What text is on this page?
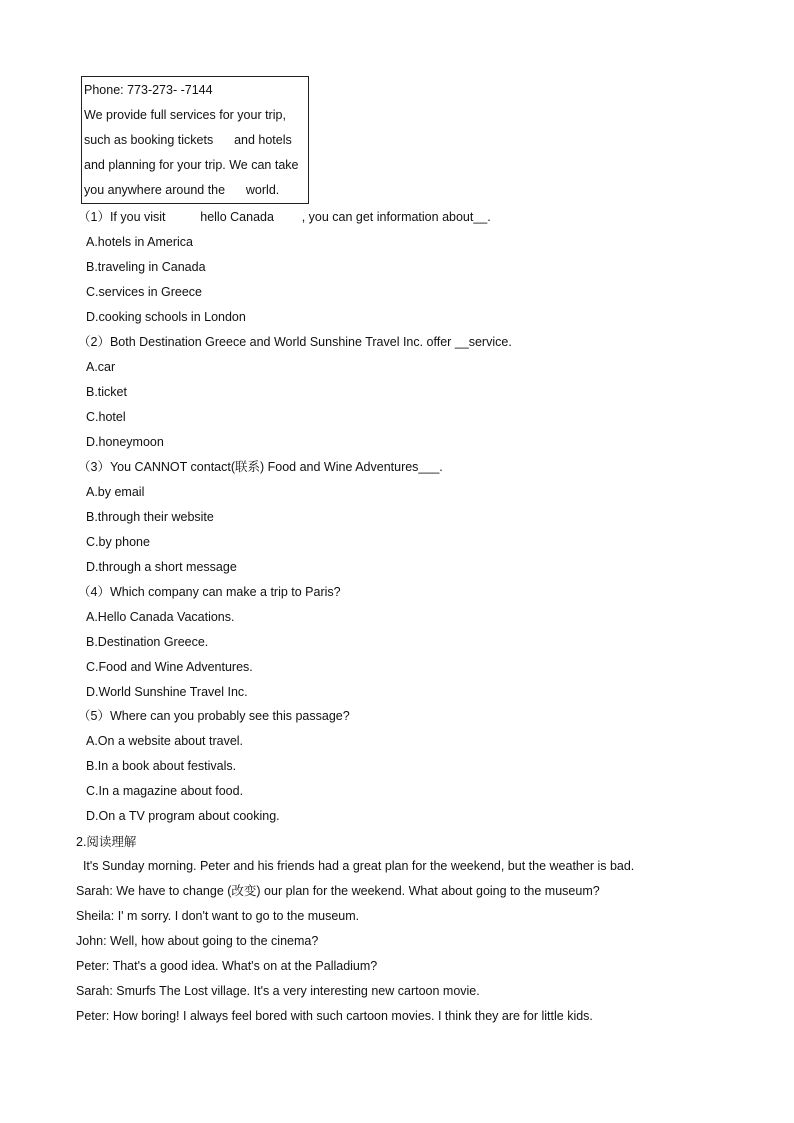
Phone: 773-273- -7144
We provide full services for your trip,
such as booking tickets      and hotels
and planning for your trip. We can take
you anywhere around the      world.
（1）If you visit          hello Canada        , you can get information about__.
A.hotels in America
B.traveling in Canada
C.services in Greece
D.cooking schools in London
（2）Both Destination Greece and World Sunshine Travel Inc. offer __service.
A.car
B.ticket
C.hotel
D.honeymoon
（3）You CANNOT contact(联系) Food and Wine Adventures___.
A.by email
B.through their website
C.by phone
D.through a short message
（4）Which company can make a trip to Paris?
A.Hello Canada Vacations.
B.Destination Greece.
C.Food and Wine Adventures.
D.World Sunshine Travel Inc.
（5）Where can you probably see this passage?
A.On a website about travel.
B.In a book about festivals.
C.In a magazine about food.
D.On a TV program about cooking.
2.阅读理解
It's Sunday morning. Peter and his friends had a great plan for the weekend, but the weather is bad.
Sarah: We have to change (改变) our plan for the weekend. What about going to the museum?
Sheila: I' m sorry. I don't want to go to the museum.
John: Well, how about going to the cinema?
Peter: That's a good idea. What's on at the Palladium?
Sarah: Smurfs The Lost village. It's a very interesting new cartoon movie.
Peter: How boring! I always feel bored with such cartoon movies. I think they are for little kids.
